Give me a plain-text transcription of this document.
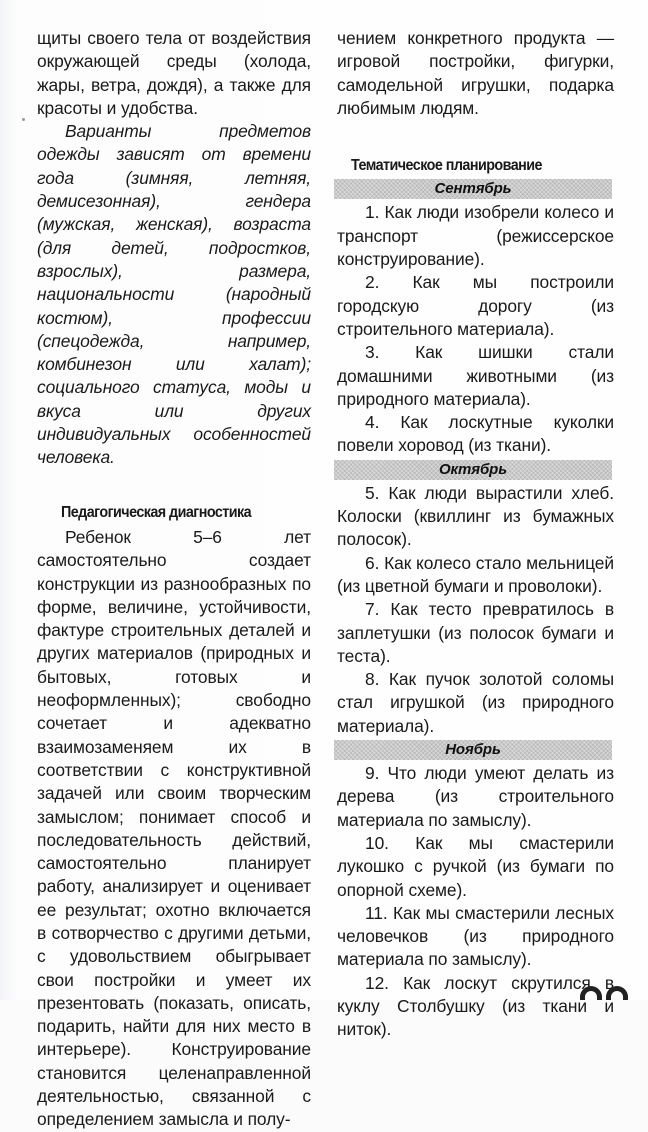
щиты своего тела от воздействия окружающей среды (холода, жары, ветра, дождя), а также для красоты и удобства.

Варианты предметов одежды зависят от времени года (зимняя, летняя, демисезонная), гендера (мужская, женская), возраста (для детей, подростков, взрослых), размера, национальности (народный костюм), профессии (спецодежда, например, комбинезон или халат); социального статуса, моды и вкуса или других индивидуальных особенностей человека.

Педагогическая диагностика

Ребенок 5–6 лет самостоятельно создает конструкции из разнообразных по форме, величине, устойчивости, фактуре строительных деталей и других материалов (природных и бытовых, готовых и неоформленных); свободно сочетает и адекватно взаимозаменяем их в соответствии с конструктивной задачей или своим творческим замыслом; понимает способ и последовательность действий, самостоятельно планирует работу, анализирует и оценивает ее результат; охотно включается в сотворчество с другими детьми, с удовольствием обыгрывает свои постройки и умеет их презентовать (показать, описать, подарить, найти для них место в интерьере). Конструирование становится целенаправленной деятельностью, связанной с определением замысла и полу-

чением конкретного продукта — игровой постройки, фигурки, самодельной игрушки, подарка любимым людям.

Тематическое планирование
Сентябрь

1. Как люди изобрели колесо и транспорт (режиссерское конструирование).

2. Как мы построили городскую дорогу (из строительного материала).

3. Как шишки стали домашними животными (из природного материала).

4. Как лоскутные куколки повели хоровод (из ткани).

Октябрь

5. Как люди вырастили хлеб. Колоски (квиллинг из бумажных полосок).

6. Как колесо стало мельницей (из цветной бумаги и проволоки).

7. Как тесто превратилось в заплетушки (из полосок бумаги и теста).

8. Как пучок золотой соломы стал игрушкой (из природного материала).

Ноябрь

9. Что люди умеют делать из дерева (из строительного материала по замыслу).

10. Как мы смастерили лукошко с ручкой (из бумаги по опорной схеме).

11. Как мы смастерили лесных человечков (из природного материала по замыслу).

12. Как лоскут скрутился в куклу Столбушку (из ткани и ниток).
